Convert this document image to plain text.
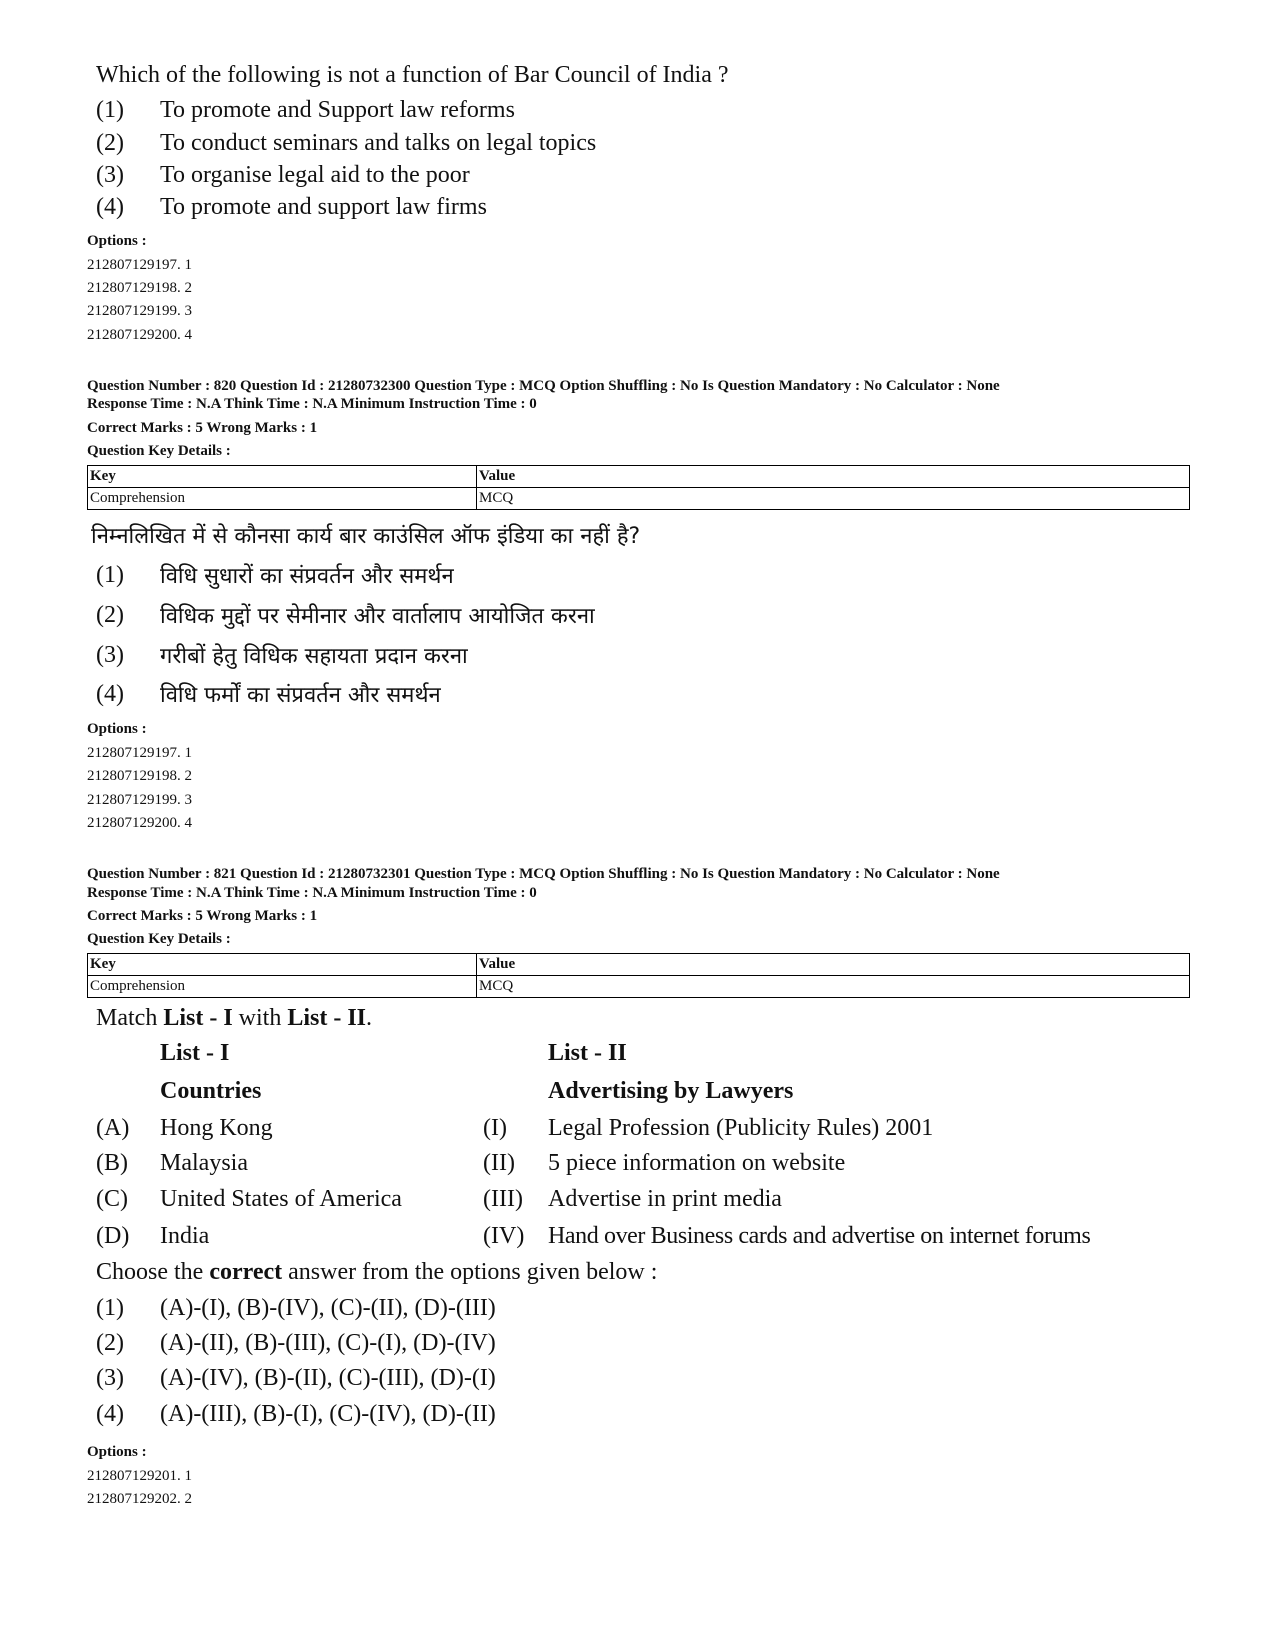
Which of the following is not a function of Bar Council of India ?
(1) To promote and Support law reforms
(2) To conduct seminars and talks on legal topics
(3) To organise legal aid to the poor
(4) To promote and support law firms
Options :
212807129197. 1
212807129198. 2
212807129199. 3
212807129200. 4
Question Number : 820 Question Id : 21280732300 Question Type : MCQ Option Shuffling : No Is Question Mandatory : No Calculator : None
Response Time : N.A Think Time : N.A Minimum Instruction Time : 0
Correct Marks : 5 Wrong Marks : 1
Question Key Details :
Key	Value
Comprehension	MCQ
निम्नलिखित में से कौनसा कार्य बार काउंसिल ऑफ इंडिया का नहीं है?
(1) विधि सुधारों का संप्रवर्तन और समर्थन
(2) विधिक मुद्दों पर सेमीनार और वार्तालाप आयोजित करना
(3) गरीबों हेतु विधिक सहायता प्रदान करना
(4) विधि फर्मों का संप्रवर्तन और समर्थन
Options :
212807129197. 1
212807129198. 2
212807129199. 3
212807129200. 4
Question Number : 821 Question Id : 21280732301 Question Type : MCQ Option Shuffling : No Is Question Mandatory : No Calculator : None
Response Time : N.A Think Time : N.A Minimum Instruction Time : 0
Correct Marks : 5 Wrong Marks : 1
Question Key Details :
Key	Value
Comprehension	MCQ
Match List - I with List - II.
List - I	List - II
Countries	Advertising by Lawyers
(A) Hong Kong	(I) Legal Profession (Publicity Rules) 2001
(B) Malaysia	(II) 5 piece information on website
(C) United States of America	(III) Advertise in print media
(D) India	(IV) Hand over Business cards and advertise on internet forums
Choose the correct answer from the options given below :
(1) (A)-(I), (B)-(IV), (C)-(II), (D)-(III)
(2) (A)-(II), (B)-(III), (C)-(I), (D)-(IV)
(3) (A)-(IV), (B)-(II), (C)-(III), (D)-(I)
(4) (A)-(III), (B)-(I), (C)-(IV), (D)-(II)
Options :
212807129201. 1
212807129202. 2
